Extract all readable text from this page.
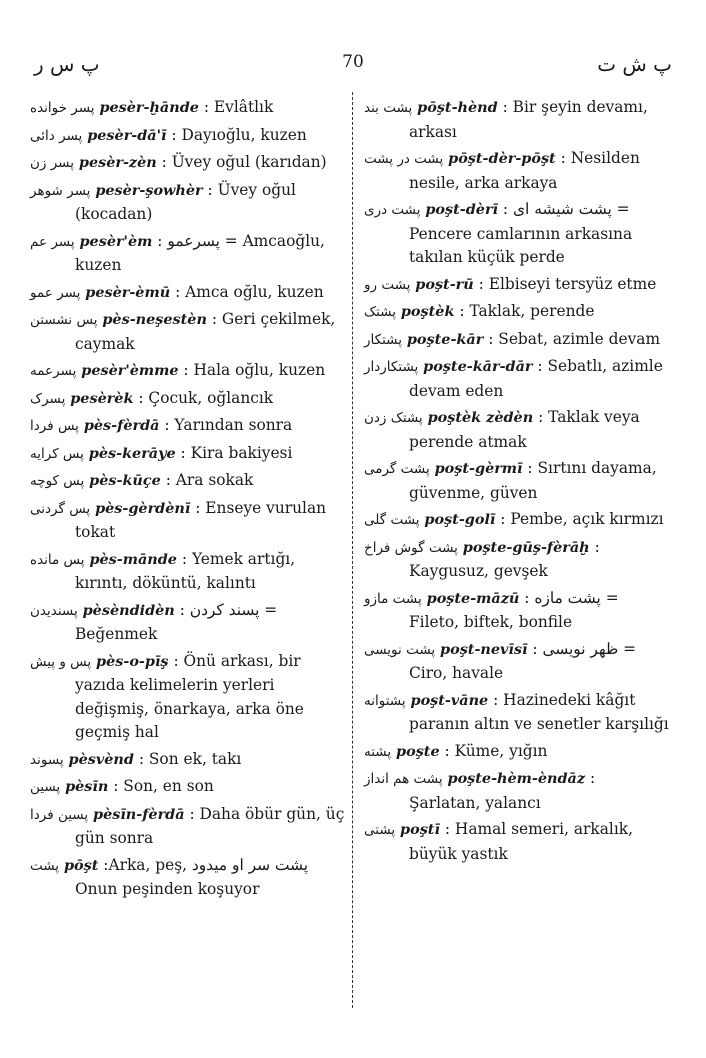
پ س ر	70	پ ش ت
پسر خوانده pesèr-ḫānde : Evlâtlık
پسر دائی pesèr-dā'ī : Dayıoğlu, kuzen
پسر زن pesèr-zèn : Üvey oğul (karıdan)
پسر شوهر pesèr-şowhèr : Üvey oğul (kocadan)
پسر عم pesèr'èm : پسرعمو = Amcaoğlu, kuzen
پسر عمو pesèr-èmū : Amca oğlu, kuzen
پس نشستن pès-neşestèn : Geri çekilmek, caymak
پسرعمه pesèr'èmme : Hala oğlu, kuzen
پسرک pesèrèk : Çocuk, oğlancık
پس فردا pès-fèrdā : Yarından sonra
پس کرایه pès-kerāye : Kira bakiyesi
پس کوچه pès-kūçe : Ara sokak
پس گردنی pès-gèrdènī : Enseye vurulan tokat
پس مانده pès-mānde : Yemek artığı, kırıntı, döküntü, kalıntı
پسندیدن pèsèndidèn : پسند کردن = Beğenmek
پس و پیش pès-o-pīş : Önü arkası, bir yazıda kelimelerin yerleri değişmiş, önarkaya, arka öne geçmiş hal
پسوند pèsvènd : Son ek, takı
پسین pèsīn : Son, en son
پسین فردا pèsīn-fèrdā : Daha öbür gün, üç gün sonra
پشت pōşt :Arka, peş, پشت سر او میدود Onun peşinden koşuyor
پشت بند pōşt-hènd : Bir şeyin devamı, arkası
پشت در پشت pōşt-dèr-pōşt : Nesilden nesile, arka arkaya
پشت دری poşt-dèrī : پشت شیشه ای = Pencere camlarının arkasına takılan küçük perde
پشت رو poşt-rū : Elbiseyi tersyüz etme
پشتک poştèk : Taklak, perende
پشتکار poşte-kār : Sebat, azimle devam
پشتکاردار poşte-kār-dār : Sebatlı, azimle devam eden
پشتک زدن poştèk zèdèn : Taklak veya perende atmak
پشت گرمی poşt-gèrmī : Sırtını dayama, güvenme, güven
پشت گلی poşt-golī : Pembe, açık kırmızı
پشت گوش فراخ poşte-gūş-fèrāḫ : Kaygusuz, gevşek
پشت مازو poşte-māzū : پشت مازه = Fileto, biftek, bonfile
پشت نویسی poşt-nevīsī : ظهر نویسی = Ciro, havale
پشتوانه poşt-vāne : Hazinedeki kâğıt paranın altın ve senetler karşılığı
پشته poşte : Küme, yığın
پشت هم انداز poşte-hèm-èndāz : Şarlatan, yalancı
پشتی poştī : Hamal semeri, arkalık, büyük yastık
